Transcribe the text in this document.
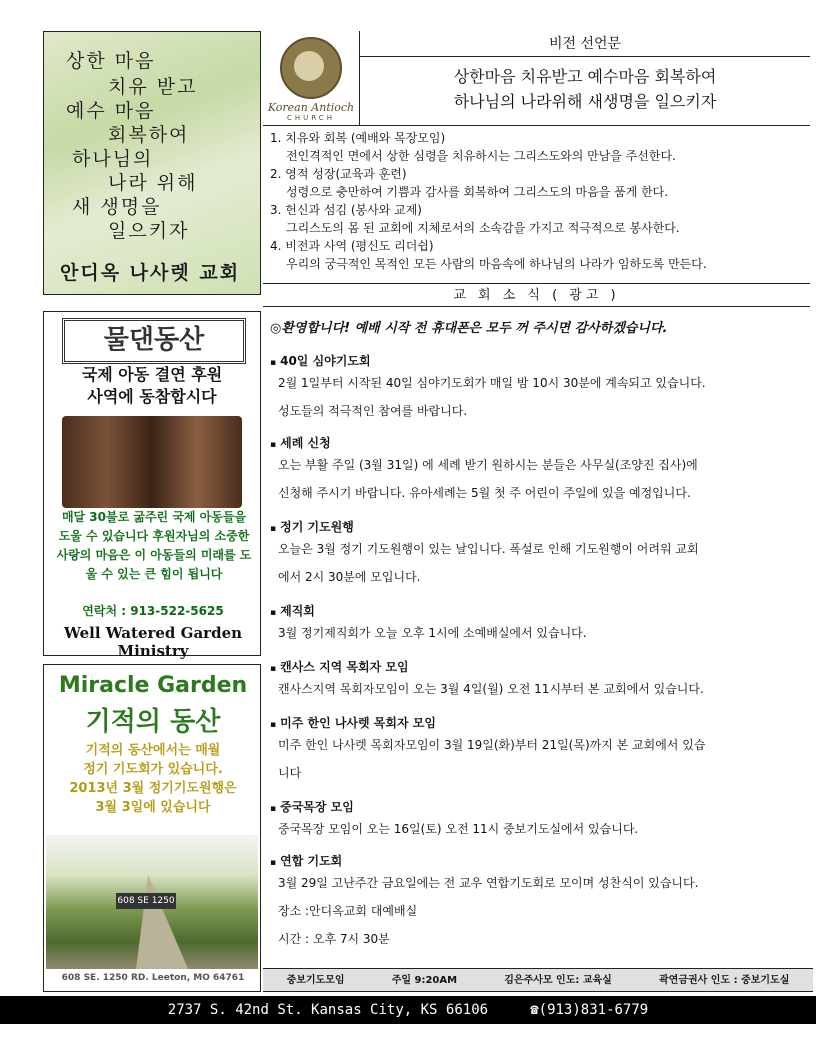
상한 마음
치유 받고
예수 마음
회복하여
하나님의
나라 위해
새 생명을
일으키자
안디옥 나사렛 교회
Korean Antioch
CHURCH
비전 선언문
상한마음 치유받고 예수마음 회복하여
하나님의 나라위해 새생명을 일으키자
1. 치유와 회복 (예배와 목장모임)
전인격적인 면에서 상한 심령을 치유하시는 그리스도와의 만남을 주선한다.
2. 영적 성장(교육과 훈련)
성령으로 충만하여 기쁨과 감사를 회복하여 그리스도의 마음을 품게 한다.
3. 헌신과 섬김 (봉사와 교제)
그리스도의 몸 된 교회에 지체로서의 소속감을 가지고 적극적으로 봉사한다.
4. 비전과 사역 (평신도 리더쉽)
우리의 궁극적인 목적인 모든 사람의 마음속에 하나님의 나라가 임하도록 만든다.
교 회 소 식 ( 광고 )
물댄동산
국제 아동 결연 후원
사역에 동참합시다
매달 30불로 굶주린 국제 아동들을 도울 수 있습니다 후원자님의 소중한 사랑의 마음은 이 아동들의 미래를 도울 수 있는 큰 힘이 됩니다
연락처 : 913-522-5625
Well Watered Garden Ministry
Miracle Garden
기적의 동산
기적의 동산에서는 매월
정기 기도회가 있습니다.
2013년 3월 정기기도원행은
3월 3일에 있습니다
608 SE 1250
608 SE. 1250 RD. Leeton, MO 64761
◎환영합니다! 예배 시작 전 휴대폰은 모두 꺼 주시면 감사하겠습니다.
▪ 40일 심야기도회
2월 1일부터 시작된 40일 심야기도회가 매일 밤 10시 30분에 계속되고 있습니다.
성도들의 적극적인 참여를 바랍니다.
▪ 세례 신청
오는 부활 주일 (3월 31일) 에 세례 받기 원하시는 분들은 사무실(조양진 집사)에
신청해 주시기 바랍니다. 유아세례는 5월 첫 주 어린이 주일에 있을 예정입니다.
▪ 정기 기도원행
오늘은 3월 정기 기도원행이 있는 날입니다. 폭설로 인해 기도원행이 어려워 교회
에서 2시 30분에 모입니다.
▪ 제직회
3월 정기제직회가 오늘 오후 1시에 소예배실에서 있습니다.
▪ 캔사스 지역 목회자 모임
캔사스지역 목회자모임이 오는 3월 4일(월) 오전 11시부터 본 교회에서 있습니다.
▪ 미주 한인 나사렛 목회자 모임
미주 한인 나사렛 목회자모임이 3월 19일(화)부터 21일(목)까지 본 교회에서 있습
니다
▪ 중국목장 모임
중국목장 모임이 오는 16일(토) 오전 11시 중보기도실에서 있습니다.
▪ 연합 기도회
3월 29일 고난주간 금요일에는 전 교우 연합기도회로 모이며 성찬식이 있습니다.
장소 :안디옥교회 대예배실
시간 : 오후 7시 30분
중보기도모임	주일 9:20AM	김은주사모 인도: 교육실	곽연금권사 인도 : 중보기도실
2737 S. 42nd St. Kansas City, KS 66106	☎(913)831-6779
